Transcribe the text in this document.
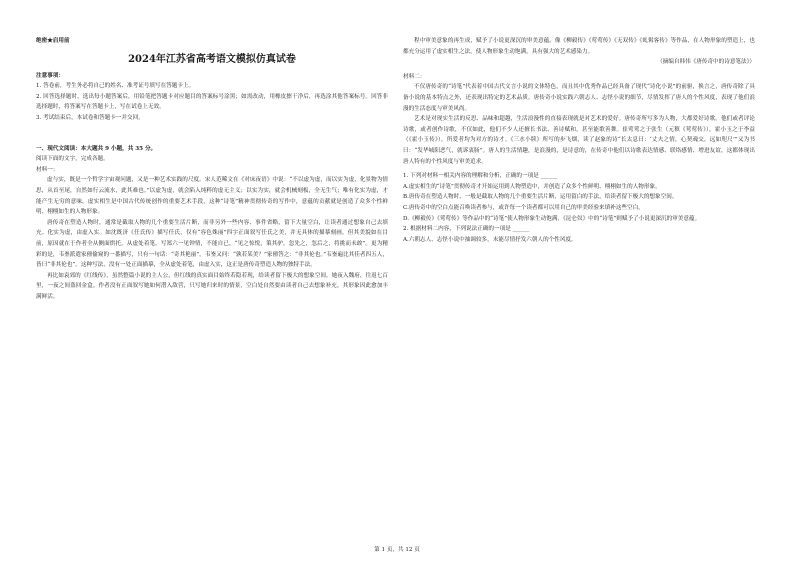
绝密★启用前

2024年江苏省高考语文模拟仿真试卷

注意事项：

1. 答卷前，考生务必将自己的姓名、准考证号填写在答题卡上。

2. 回答选择题时，选出每小题答案后，用铅笔把答题卡对应题目的答案标号涂黑；如需改动，用橡皮擦干净后，再选涂其他答案标号。回答非选择题时，将答案写在答题卡上，写在试卷上无效。

3. 考试结束后，本试卷和答题卡一并交回。

一、现代文阅读：本大题共 9 小题，共 35 分。

阅读下面的文字，完成各题。

材料一：

虚与实，既是一个哲学宇宙观问题，又是一种艺术实践的尺度。宋人范晞文在《对床夜语》中说：“不以虚为虚，而以实为虚，化景物为情思，从首至尾，自然如行云流水，此其难也。”以虚为虚，就会陷入纯粹的虚无主义；以实为实，就会机械刻板，全无生气；唯有化实为虚，才能产生无穷的意味。虚实相生是中国古代传统创作的重要艺术手段，这种“诗笔”精神贯彻传奇的写作中，意蕴的贡献就是创造了众多个性鲜明、栩栩如生的人物形象。

唐传奇在塑造人物时，通常是截取人物的几个重要生活片断，而非另外一些内容、事件省略，留下大量空白，让读者通过想象自己去填充。化实为虚，由虚入实。如沈既济《任氏传》描写任氏，仅有“容色姝丽”四字正面叙写任氏之美，并无具体的描摹刻画，但其美貌如在目前，原因就在于作者全从侧面烘托，从虚处着笔，写郑六一见钟情，不能自已，“见之惊悦，策其驴，忽先之，忽后之，将挑而未敢”。更为精彩的是，韦崟派遣家僮偷窥的一番描写，只有一句话：“奇其艳丽”。韦崟又问：“孰若某美？”家僮答之：“非其伦也。”韦崟遍比其佳者四五人，皆曰“非其伦也”。这种写法，没有一处正面描摹，全从虚处着笔，由虚入实，这正是唐传奇塑造人物的独特手法。

再比如袁郊的《红线传》，虽然整篇小说的主人公，但红线的真实面目始终若隐若现，给读者留下极大的想象空间。她夜入魏府，往返七百里，一夜之间盗回金盒。作者没有正面叙写她如何潜入敌营，只写她归来时的情景，空白处自然要由读者自己去想象补充，其形象因此愈加丰满鲜活。

程中审美意象的再生成，赋予了小说更深沉的审美意蕴。像《柳毅传》《莺莺传》《无双传》《虬髯客传》等作品，在人物形象的塑造上，也都充分运用了虚实相生之法，使人物形象生动饱满，具有强大的艺术感染力。

（摘编自韩伟《唐传奇中的诗意笔法》）

材料二：

不仅唐传奇的“诗笔”代表着中国古代文言小说的文体特色，而且其中优秀作品已经具备了现代“诗化小说”的前驱，换言之，唐传奇除了具备小说的基本特点之外，还表现出特定的艺术品质。唐传奇小说实践六朝志人、志怪小说的细节，尽情发挥了唐人的个性风度，表现了他们浪漫的生活态度与审美风尚。

艺术是对现实生活的反思、品味和超越，生活浪漫性的直接表现就是对艺术的爱好。唐传奇所写多为人物，大都爱好诗歌。他们或者评论诗歌，或者创作诗歌，不仅如此，他们不少人还擅长书法、善诗赋和，甚至能歌善舞。崔莺莺之于张生（元稹《莺莺传》），霍小玉之于李益（《霍小玉传》），所爱者均为对方的诗才。《三水小牍》所写的步飞烟，读了赵象的诗“长太息曰：‘丈夫之情，心契魂交，远如咫尺’”又为书曰：“发华城阳恶气，就诉衷肠”。唐人的生活情趣，是浪漫的，是诗意的，在传奇中他们以诗歌表达情感、联络感情、增进友谊，这都体现出唐人特有的个性风度与审美追求。

1. 下列对材料一相关内容的理解和分析，正确的一项是 ______

A.虚实相生的“诗笔”贯彻传奇才开始运用到人物塑造中，并创造了众多个性鲜明、栩栩如生的人物形象。

B.唐传奇在塑造人物时，一般是截取人物的几个重要生活片断，运用留白的手法，给读者留下极大的想象空间。

C.唐传奇中的空白点能召唤读者参与，或许每一个读者都可以用自己的审美经验来填补这些空白。

D.《柳毅传》《莺莺传》等作品中的“诗笔”使人物形象生动饱满，《昆仑奴》中的“诗笔”则赋予了小说更深沉的审美意蕴。

2. 根据材料二内容，下列说法正确的一项是 ______

A.六朝志人、志怪小说中抽调较多，未能尽情抒发六朝人的个性风度。

第 1 页，共 12 页
